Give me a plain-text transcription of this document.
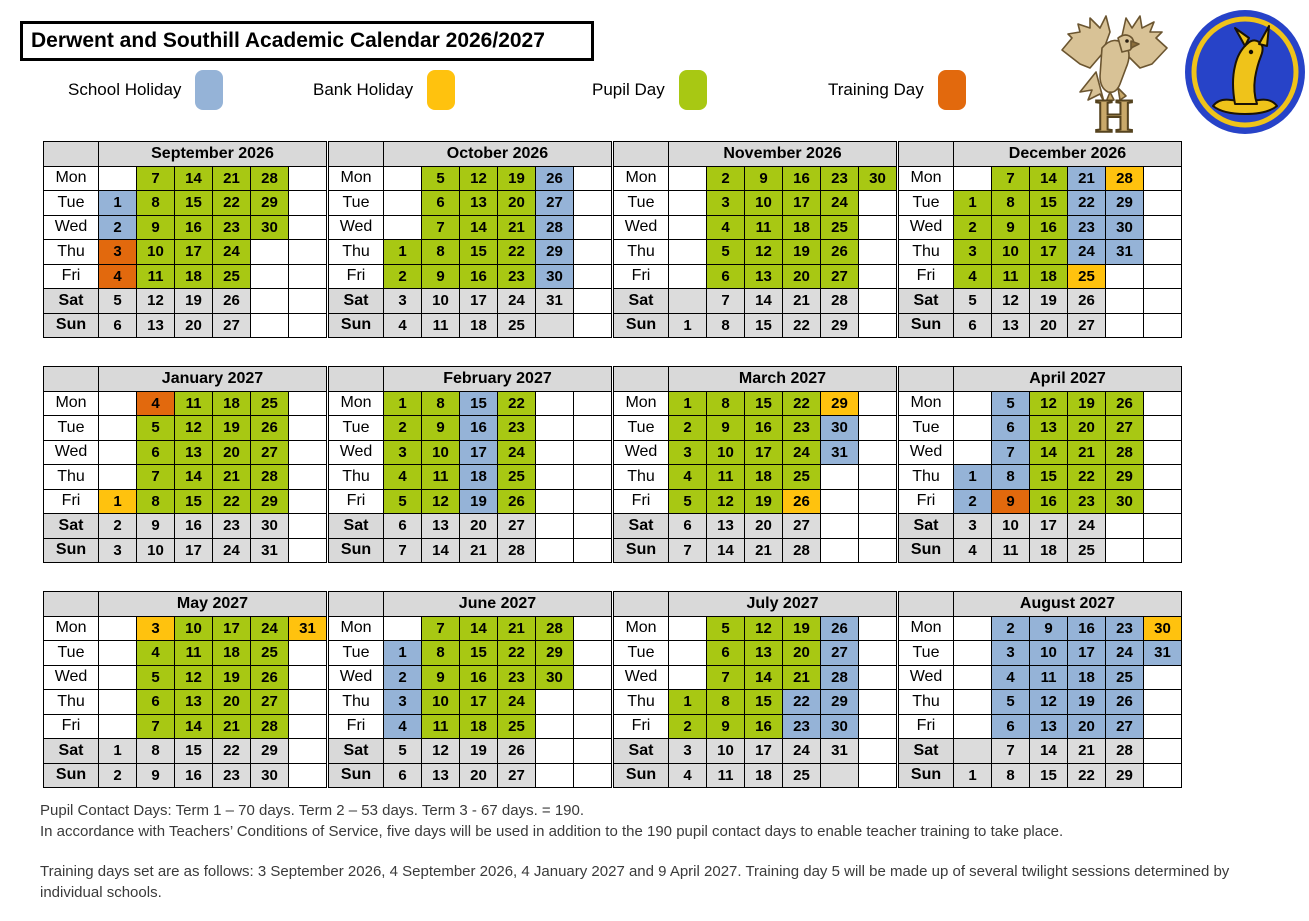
Derwent and Southill Academic Calendar 2026/2027
School Holiday	Bank Holiday	Pupil Day	Training Day
H
	September 2026					
Mon		7	14	21	28	
Tue	1	8	15	22	29	
Wed	2	9	16	23	30	
Thu	3	10	17	24		
Fri	4	11	18	25		
Sat	5	12	19	26		
Sun	6	13	20	27		
	October 2026					
Mon		5	12	19	26	
Tue		6	13	20	27	
Wed		7	14	21	28	
Thu	1	8	15	22	29	
Fri	2	9	16	23	30	
Sat	3	10	17	24	31	
Sun	4	11	18	25		
	November 2026					
Mon		2	9	16	23	30
Tue		3	10	17	24	
Wed		4	11	18	25	
Thu		5	12	19	26	
Fri		6	13	20	27	
Sat		7	14	21	28	
Sun	1	8	15	22	29	
	December 2026					
Mon		7	14	21	28	
Tue	1	8	15	22	29	
Wed	2	9	16	23	30	
Thu	3	10	17	24	31	
Fri	4	11	18	25		
Sat	5	12	19	26		
Sun	6	13	20	27		
	January 2027					
Mon		4	11	18	25	
Tue		5	12	19	26	
Wed		6	13	20	27	
Thu		7	14	21	28	
Fri	1	8	15	22	29	
Sat	2	9	16	23	30	
Sun	3	10	17	24	31	
	February 2027					
Mon	1	8	15	22		
Tue	2	9	16	23		
Wed	3	10	17	24		
Thu	4	11	18	25		
Fri	5	12	19	26		
Sat	6	13	20	27		
Sun	7	14	21	28		
	March 2027					
Mon	1	8	15	22	29	
Tue	2	9	16	23	30	
Wed	3	10	17	24	31	
Thu	4	11	18	25		
Fri	5	12	19	26		
Sat	6	13	20	27		
Sun	7	14	21	28		
	April 2027					
Mon		5	12	19	26	
Tue		6	13	20	27	
Wed		7	14	21	28	
Thu	1	8	15	22	29	
Fri	2	9	16	23	30	
Sat	3	10	17	24		
Sun	4	11	18	25		
	May 2027					
Mon		3	10	17	24	31
Tue		4	11	18	25	
Wed		5	12	19	26	
Thu		6	13	20	27	
Fri		7	14	21	28	
Sat	1	8	15	22	29	
Sun	2	9	16	23	30	
	June 2027					
Mon		7	14	21	28	
Tue	1	8	15	22	29	
Wed	2	9	16	23	30	
Thu	3	10	17	24		
Fri	4	11	18	25		
Sat	5	12	19	26		
Sun	6	13	20	27		
	July 2027					
Mon		5	12	19	26	
Tue		6	13	20	27	
Wed		7	14	21	28	
Thu	1	8	15	22	29	
Fri	2	9	16	23	30	
Sat	3	10	17	24	31	
Sun	4	11	18	25		
	August 2027					
Mon		2	9	16	23	30
Tue		3	10	17	24	31
Wed		4	11	18	25	
Thu		5	12	19	26	
Fri		6	13	20	27	
Sat		7	14	21	28	
Sun	1	8	15	22	29	

Pupil Contact Days: Term 1 – 70 days. Term 2 – 53 days. Term 3 - 67 days. = 190.

In accordance with Teachers’ Conditions of Service, five days will be used in addition to the 190 pupil contact days to enable teacher training to take place.

Training days set are as follows: 3 September 2026, 4 September 2026, 4 January 2027 and 9 April 2027. Training day 5 will be made up of several twilight sessions determined by individual schools.
